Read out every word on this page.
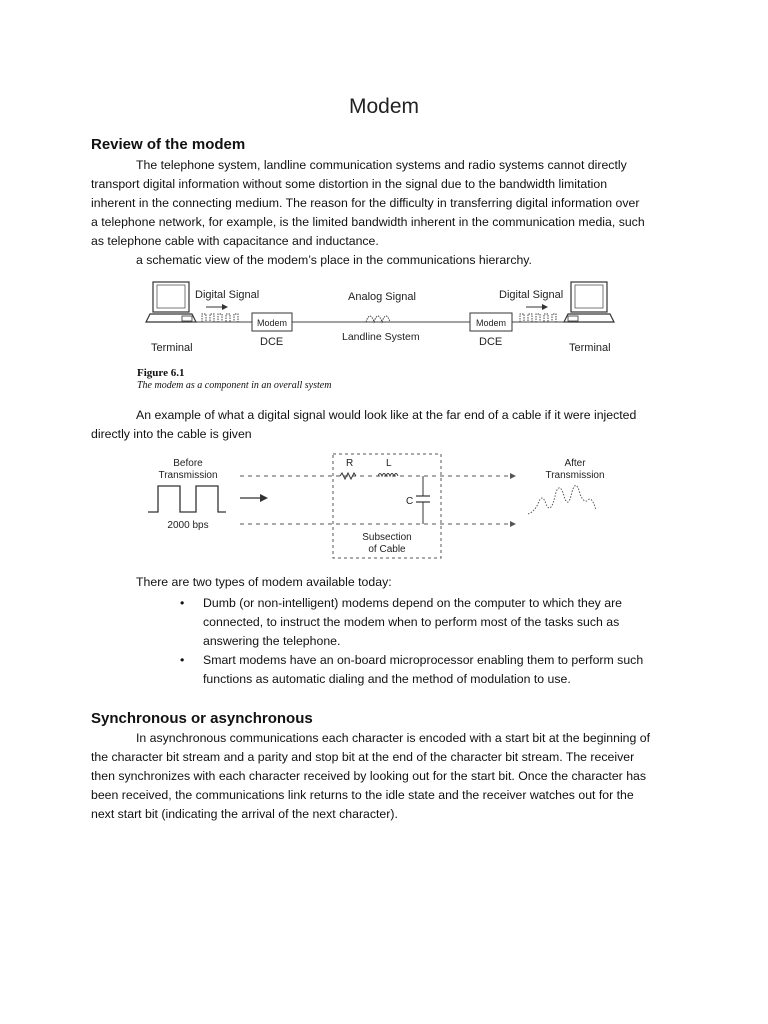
Modem
Review of the modem
The telephone system, landline communication systems and radio systems cannot directly
transport digital information without some distortion in the signal due to the bandwidth limitation
inherent in the connecting medium. The reason for the difficulty in transferring digital information over
a telephone network, for example, is the limited bandwidth inherent in the communication media, such
as telephone cable with capacitance and inductance.
a schematic view of the modem’s place in the communications hierarchy.
Modem	Modem
Digital Signal	Analog Signal	Digital Signal
Terminal	DCE	Landline System	DCE	Terminal
Figure 6.1
The modem as a component in an overall system
An example of what a digital signal would look like at the far end of a cable if it were injected
directly into the cable is given
Before
Transmission
After
Transmission
2000 bps
R	L
C
Subsection
of Cable
There are two types of modem available today:
• Dumb (or non-intelligent) modems depend on the computer to which they are
connected, to instruct the modem when to perform most of the tasks such as
answering the telephone.
• Smart modems have an on-board microprocessor enabling them to perform such
functions as automatic dialing and the method of modulation to use.
Synchronous or asynchronous
In asynchronous communications each character is encoded with a start bit at the beginning of
the character bit stream and a parity and stop bit at the end of the character bit stream. The receiver
then synchronizes with each character received by looking out for the start bit. Once the character has
been received, the communications link returns to the idle state and the receiver watches out for the
next start bit (indicating the arrival of the next character).
